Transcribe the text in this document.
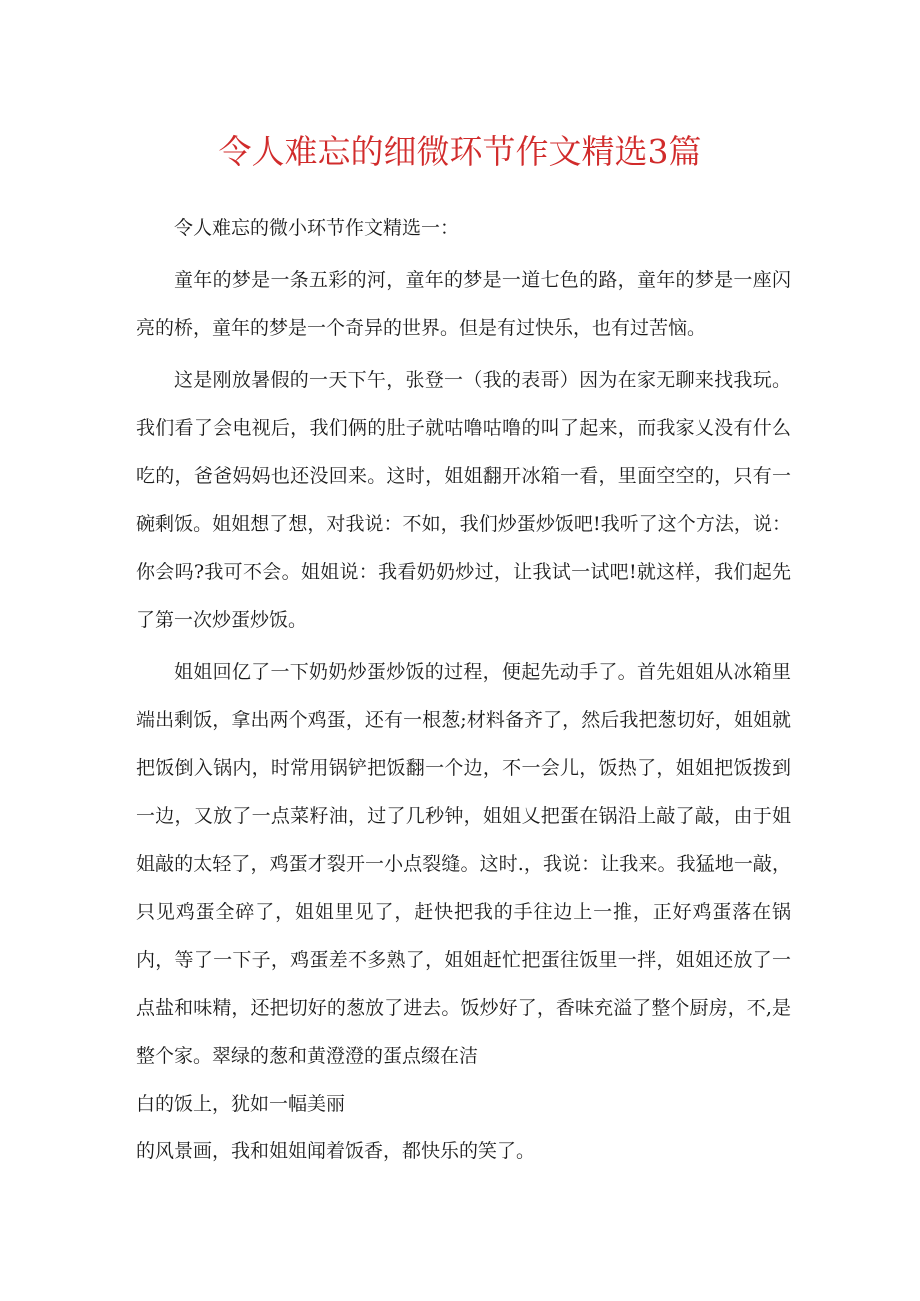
令人难忘的细微环节作文精选3篇

令人难忘的微小环节作文精选一：

童年的梦是一条五彩的河，童年的梦是一道七色的路，童年的梦是一座闪亮的桥，童年的梦是一个奇异的世界。但是有过快乐，也有过苦恼。

这是刚放暑假的一天下午，张登一（我的表哥）因为在家无聊来找我玩。我们看了会电视后，我们俩的肚子就咕噜咕噜的叫了起来，而我家乂没有什么吃的，爸爸妈妈也还没回来。这时，姐姐翻开冰箱一看，里面空空的，只有一碗剩饭。姐姐想了想，对我说：不如，我们炒蛋炒饭吧!我听了这个方法，说：你会吗?我可不会。姐姐说：我看奶奶炒过，让我试一试吧!就这样，我们起先了第一次炒蛋炒饭。

姐姐回亿了一下奶奶炒蛋炒饭的过程，便起先动手了。首先姐姐从冰箱里端出剩饭，拿出两个鸡蛋，还有一根葱;材料备齐了，然后我把葱切好，姐姐就把饭倒入锅内，时常用锅铲把饭翻一个边，不一会儿，饭热了，姐姐把饭拨到一边，又放了一点菜籽油，过了几秒钟，姐姐乂把蛋在锅沿上敲了敲，由于姐姐敲的太轻了，鸡蛋才裂开一小点裂缝。这时.，我说：让我来。我猛地一敲，只见鸡蛋全碎了，姐姐里见了，赶快把我的手往边上一推，正好鸡蛋落在锅内，等了一下子，鸡蛋差不多熟了，姐姐赶忙把蛋往饭里一拌，姐姐还放了一点盐和味精，还把切好的葱放了进去。饭炒好了，香味充溢了整个厨房，不,是整个家。翠绿的葱和黄澄澄的蛋点缀在洁

白的饭上，犹如一幅美丽

的风景画，我和姐姐闻着饭香，都快乐的笑了。
